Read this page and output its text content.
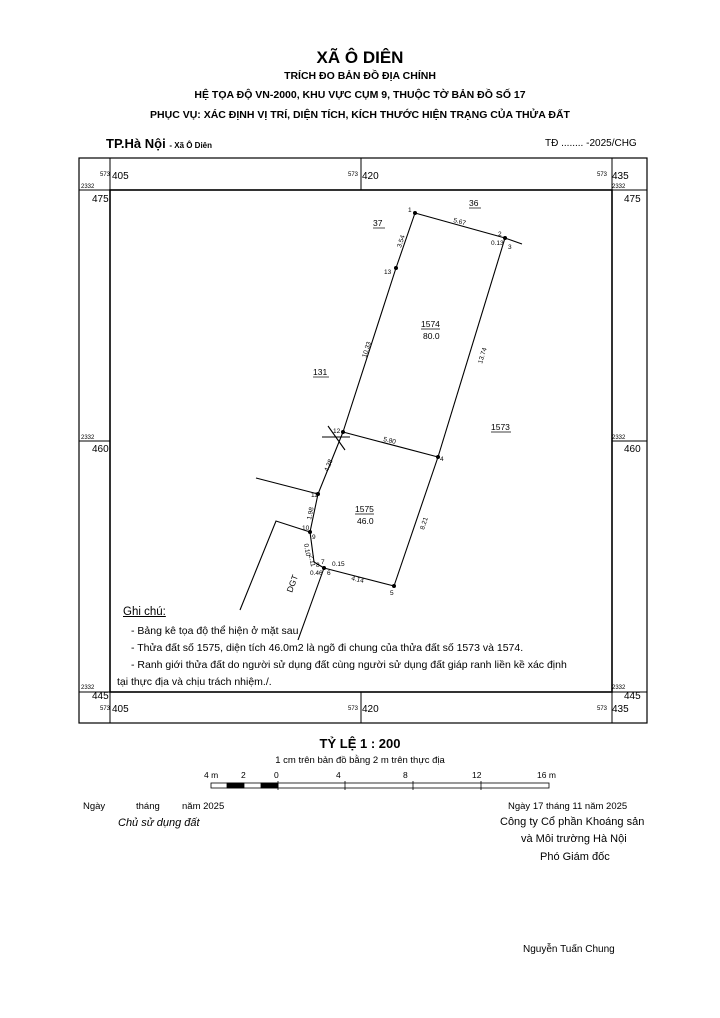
XÃ Ô DIÊN
TRÍCH ĐO BẢN ĐỒ ĐỊA CHÍNH
HỆ TỌA ĐỘ VN-2000, KHU VỰC CỤM 9, THUỘC TỜ BẢN ĐỒ SỐ 17
PHỤC VỤ: XÁC ĐỊNH VỊ TRÍ, DIỆN TÍCH, KÍCH THƯỚC HIỆN TRẠNG CỦA THỬA ĐẤT
TP.Hà Nội - Xã Ô Diên	TĐ ........ -2025/CHG
573	573	573
573	573	573
2332	2332
2332	2332
2332	2332
405	420	435
405	420	435
475	475
460	460
445	445
1
2
3
13
12
4
11
10
9
8 7
6
5
5.67
0.13
3.54
10.33	13.74
5.80
4.28
1.98
0.10
2.11 0.15
0.46
4.14
8.21
1574
80.0
1575
46.0
36
37
131
1573
DGT
4 m	2	0	4	8	12	16 m
Ghi chú:
- Bảng kê tọa độ thể hiện ở mặt sau
- Thửa đất số 1575, diện tích 46.0m2 là ngõ đi chung của thửa đất số 1573 và 1574.
- Ranh giới thửa đất do người sử dụng đất cùng người sử dụng đất giáp ranh liền kề xác định
tại thực địa và chịu trách nhiệm./.
TỶ LỆ 1 : 200
1 cm trên bản đồ bằng 2 m trên thực địa
Ngày	tháng năm 2025
Chủ sử dụng đất
Ngày 17 tháng 11 năm 2025
Công ty Cổ phần Khoáng sản
và Môi trường Hà Nội
Phó Giám đốc
Nguyễn Tuấn Chung
